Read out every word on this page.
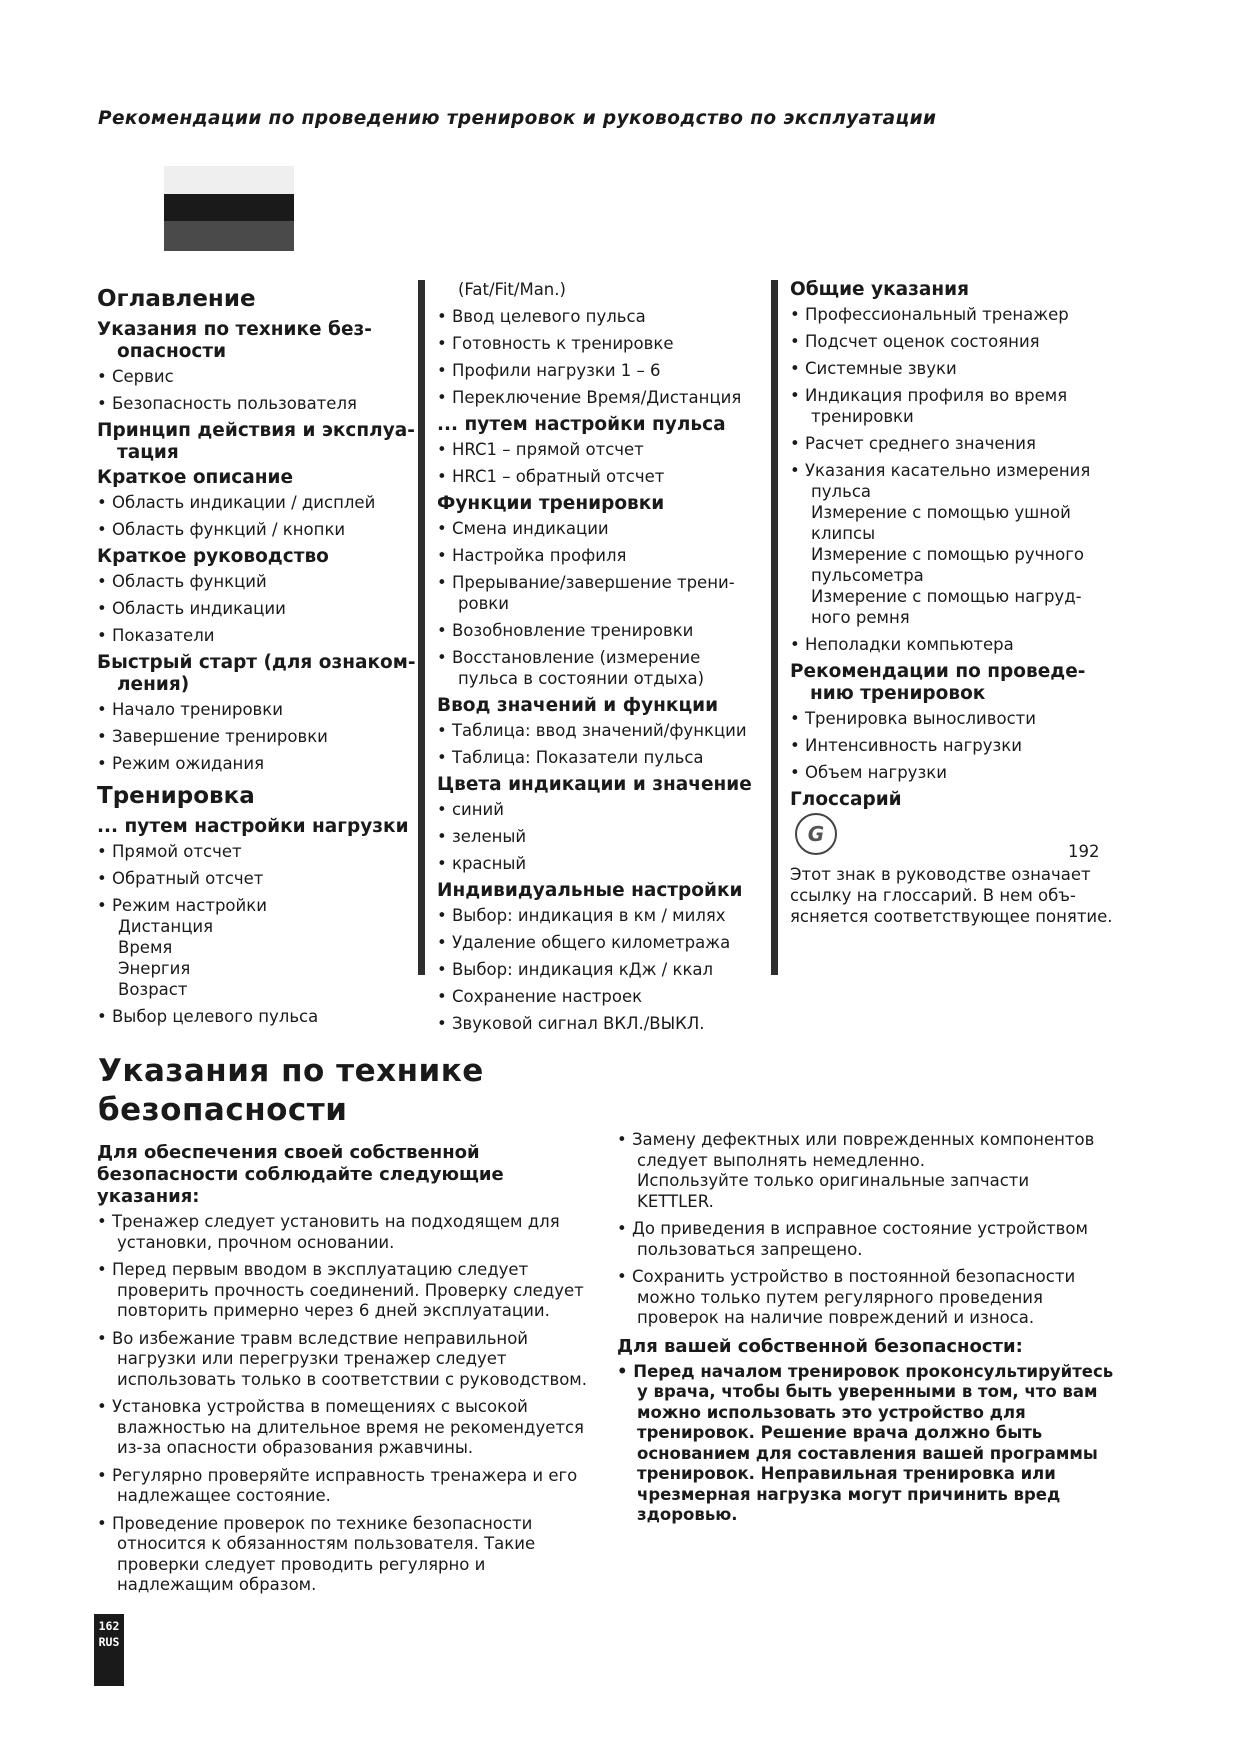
Рекомендации по проведению тренировок и руководство по эксплуатации
Оглавление
Указания по технике без-
опасности
• Сервис
• Безопасность пользователя
Принцип действия и эксплуа-
тация
Краткое описание
• Область индикации / дисплей
• Область функций / кнопки
Краткое руководство
• Область функций
• Область индикации
• Показатели
Быстрый старт (для ознаком-
ления)
• Начало тренировки
• Завершение тренировки
• Режим ожидания
Тренировка
... путем настройки нагрузки
• Прямой отсчет
• Обратный отсчет
• Режим настройки
Дистанция
Время
Энергия
Возраст
• Выбор целевого пульса
(Fat/Fit/Man.)
• Ввод целевого пульса
• Готовность к тренировке
• Профили нагрузки 1 – 6
• Переключение Время/Дистанция
... путем настройки пульса
• HRC1 – прямой отсчет
• HRC1 – обратный отсчет
Функции тренировки
• Смена индикации
• Настройка профиля
• Прерывание/завершение трени-
ровки
• Возобновление тренировки
• Восстановление (измерение
пульса в состоянии отдыха)
Ввод значений и функции
• Таблица: ввод значений/функции
• Таблица: Показатели пульса
Цвета индикации и значение
• синий
• зеленый
• красный
Индивидуальные настройки
• Выбор: индикация в км / милях
• Удаление общего километража
• Выбор: индикация кДж / ккал
• Сохранение настроек
• Звуковой сигнал ВКЛ./ВЫКЛ.
Общие указания
• Профессиональный тренажер
• Подсчет оценок состояния
• Системные звуки
• Индикация профиля во время
тренировки
• Расчет среднего значения
• Указания касательно измерения
пульса
Измерение с помощью ушной
клипсы
Измерение с помощью ручного
пульсометра
Измерение с помощью нагруд-
ного ремня
• Неполадки компьютера
Рекомендации по проведе-
нию тренировок
• Тренировка выносливости
• Интенсивность нагрузки
• Объем нагрузки
Глоссарий
G
192
Этот знак в руководстве означает
ссылку на глоссарий. В нем объ-
ясняется соответствующее понятие.
Указания по технике
безопасности
Для обеспечения своей собственной
безопасности соблюдайте следующие
указания:
• Тренажер следует установить на подходящем для
установки, прочном основании.
• Перед первым вводом в эксплуатацию следует
проверить прочность соединений. Проверку следует
повторить примерно через 6 дней эксплуатации.
• Во избежание травм вследствие неправильной
нагрузки или перегрузки тренажер следует
использовать только в соответствии с руководством.
• Установка устройства в помещениях с высокой
влажностью на длительное время не рекомендуется
из-за опасности образования ржавчины.
• Регулярно проверяйте исправность тренажера и его
надлежащее состояние.
• Проведение проверок по технике безопасности
относится к обязанностям пользователя. Такие
проверки следует проводить регулярно и
надлежащим образом.
• Замену дефектных или поврежденных компонентов
следует выполнять немедленно.
Используйте только оригинальные запчасти
KETTLER.
• До приведения в исправное состояние устройством
пользоваться запрещено.
• Сохранить устройство в постоянной безопасности
можно только путем регулярного проведения
проверок на наличие повреждений и износа.
Для вашей собственной безопасности:
• Перед началом тренировок проконсультируйтесь
у врача, чтобы быть уверенными в том, что вам
можно использовать это устройство для
тренировок. Решение врача должно быть
основанием для составления вашей программы
тренировок. Неправильная тренировка или
чрезмерная нагрузка могут причинить вред
здоровью.
162
RUS
